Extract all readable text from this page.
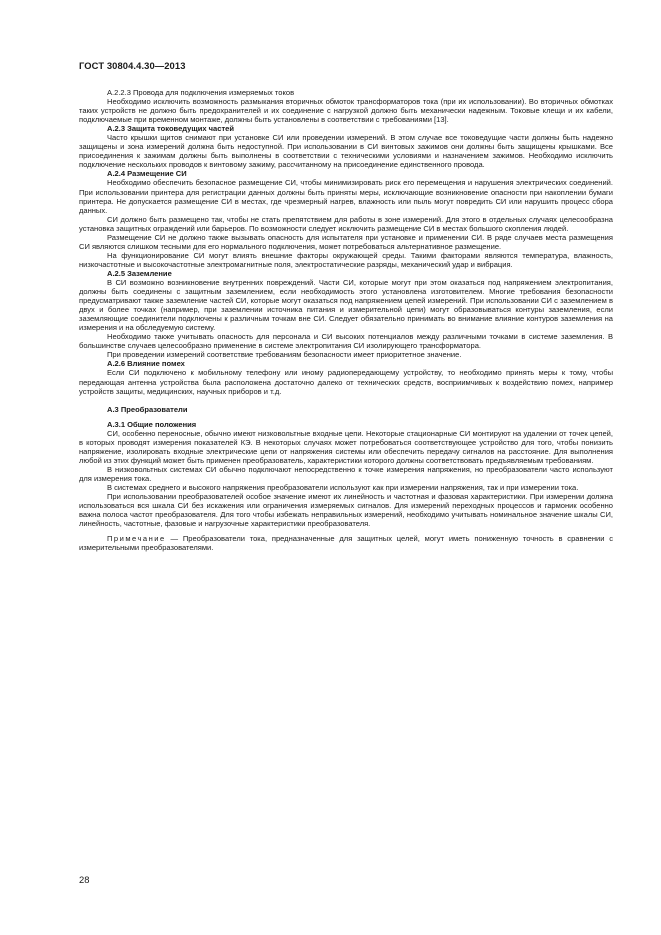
ГОСТ 30804.4.30—2013

А.2.2.3 Провода для подключения измеряемых токов

Необходимо исключить возможность размыкания вторичных обмоток трансформаторов тока (при их использовании). Во вторичных обмотках таких устройств не должно быть предохранителей и их соединение с нагрузкой должно быть механически надежным. Токовые клещи и их кабели, подключаемые при временном монтаже, должны быть установлены в соответствии с требованиями [13].

А.2.3 Защита токоведущих частей

Часто крышки щитов снимают при установке СИ или проведении измерений. В этом случае все токоведущие части должны быть надежно защищены и зона измерений должна быть недоступной. При использовании в СИ винтовых зажимов они должны быть защищены крышками. Все присоединения к зажимам должны быть выполнены в соответствии с техническими условиями и назначением зажимов. Необходимо исключить подключение нескольких проводов к винтовому зажиму, рассчитанному на присоединение единственного провода.

А.2.4 Размещение СИ

Необходимо обеспечить безопасное размещение СИ, чтобы минимизировать риск его перемещения и нарушения электрических соединений. При использовании принтера для регистрации данных должны быть приняты меры, исключающие возникновение опасности при накоплении бумаги принтера. Не допускается размещение СИ в местах, где чрезмерный нагрев, влажность или пыль могут повредить СИ или нарушить процесс сбора данных.

СИ должно быть размещено так, чтобы не стать препятствием для работы в зоне измерений. Для этого в отдельных случаях целесообразна установка защитных ограждений или барьеров. По возможности следует исключить размещение СИ в местах большого скопления людей.

Размещение СИ не должно также вызывать опасность для испытателя при установке и применении СИ. В ряде случаев места размещения СИ являются слишком тесными для его нормального подключения, может потребоваться альтернативное размещение.

На функционирование СИ могут влиять внешние факторы окружающей среды. Такими факторами являются температура, влажность, низкочастотные и высокочастотные электромагнитные поля, электростатические разряды, механический удар и вибрация.

А.2.5 Заземление

В СИ возможно возникновение внутренних повреждений. Части СИ, которые могут при этом оказаться под напряжением электропитания, должны быть соединены с защитным заземлением, если необходимость этого установлена изготовителем. Многие требования безопасности предусматривают также заземление частей СИ, которые могут оказаться под напряжением цепей измерений. При использовании СИ с заземлением в двух и более точках (например, при заземлении источника питания и измерительной цепи) могут образовываться контуры заземления, если заземляющие соединители подключены к различным точкам вне СИ. Следует обязательно принимать во внимание влияние контуров заземления на измерения и на обследуемую систему.

Необходимо также учитывать опасность для персонала и СИ высоких потенциалов между различными точками в системе заземления. В большинстве случаев целесообразно применение в системе электропитания СИ изолирующего трансформатора.

При проведении измерений соответствие требованиям безопасности имеет приоритетное значение.

А.2.6 Влияние помех

Если СИ подключено к мобильному телефону или иному радиопередающему устройству, то необходимо принять меры к тому, чтобы передающая антенна устройства была расположена достаточно далеко от технических средств, восприимчивых к воздействию помех, например устройств защиты, медицинских, научных приборов и т.д.

А.3 Преобразователи

А.3.1 Общие положения

СИ, особенно переносные, обычно имеют низковольтные входные цепи. Некоторые стационарные СИ монтируют на удалении от точек цепей, в которых проводят измерения показателей КЭ. В некоторых случаях может потребоваться соответствующее устройство для того, чтобы понизить напряжение, изолировать входные электрические цепи от напряжения системы или обеспечить передачу сигналов на расстояние. Для выполнения любой из этих функций может быть применен преобразователь, характеристики которого должны соответствовать предъявляемым требованиям.

В низковольтных системах СИ обычно подключают непосредственно к точке измерения напряжения, но преобразователи часто используют для измерения тока.

В системах среднего и высокого напряжения преобразователи используют как при измерении напряжения, так и при измерении тока.

При использовании преобразователей особое значение имеют их линейность и частотная и фазовая характеристики. При измерении должна использоваться вся шкала СИ без искажения или ограничения измеряемых сигналов. Для измерений переходных процессов и гармоник особенно важна полоса частот преобразователя. Для того чтобы избежать неправильных измерений, необходимо учитывать номинальное значение шкалы СИ, линейность, частотные, фазовые и нагрузочные характеристики преобразователя.

Примечание — Преобразователи тока, предназначенные для защитных целей, могут иметь пониженную точность в сравнении с измерительными преобразователями.

28
